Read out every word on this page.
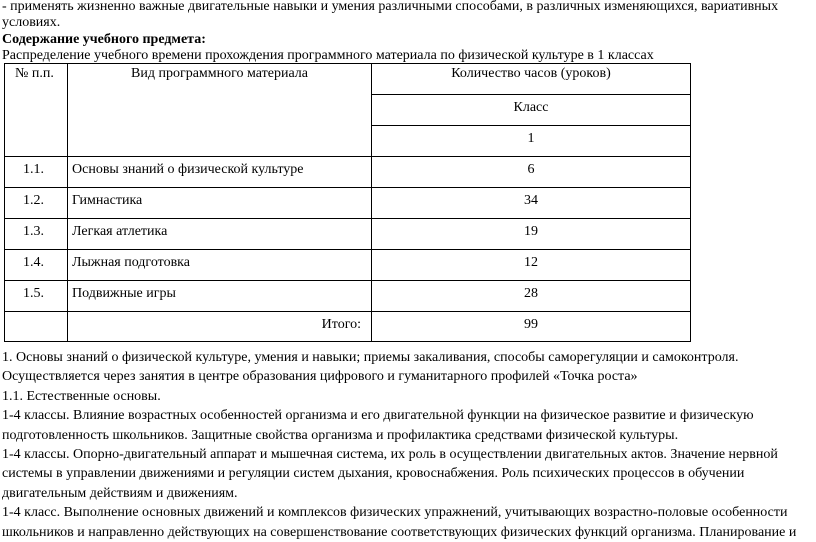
- применять жизненно важные двигательные навыки и умения различными способами, в различных изменяющихся, вариативных
условиях.
Содержание учебного предмета:
Распределение учебного времени прохождения программного материала по физической культуре в 1 классах
№ п.п.	Вид программного материала	Количество часов (уроков)

		Класс

		1

1.1.	Основы знаний о физической культуре	6

1.2.	Гимнастика	34

1.3.	Легкая атлетика	19

1.4.	Лыжная подготовка	12

1.5.	Подвижные игры	28

	Итого:	99

1. Основы знаний о физической культуре, умения и навыки; приемы закаливания, способы саморегуляции и самоконтроля.

Осуществляется через занятия в центре образования цифрового и гуманитарного профилей «Точка роста»

1.1. Естественные основы.

1-4 классы. Влияние возрастных особенностей организма и его двигательной функции на физическое развитие и физическую

подготовленность школьников. Защитные свойства организма и профилактика средствами физической культуры.

1-4 классы. Опорно-двигательный аппарат и мышечная система, их роль в осуществлении двигательных актов. Значение нервной

системы в управлении движениями и регуляции систем дыхания, кровоснабжения. Роль психических процессов в обучении

двигательным действиям и движениям.

1-4 класс. Выполнение основных движений и комплексов физических упражнений, учитывающих возрастно-половые особенности

школьников и направленно действующих на совершенствование соответствующих физических функций организма. Планирование и
